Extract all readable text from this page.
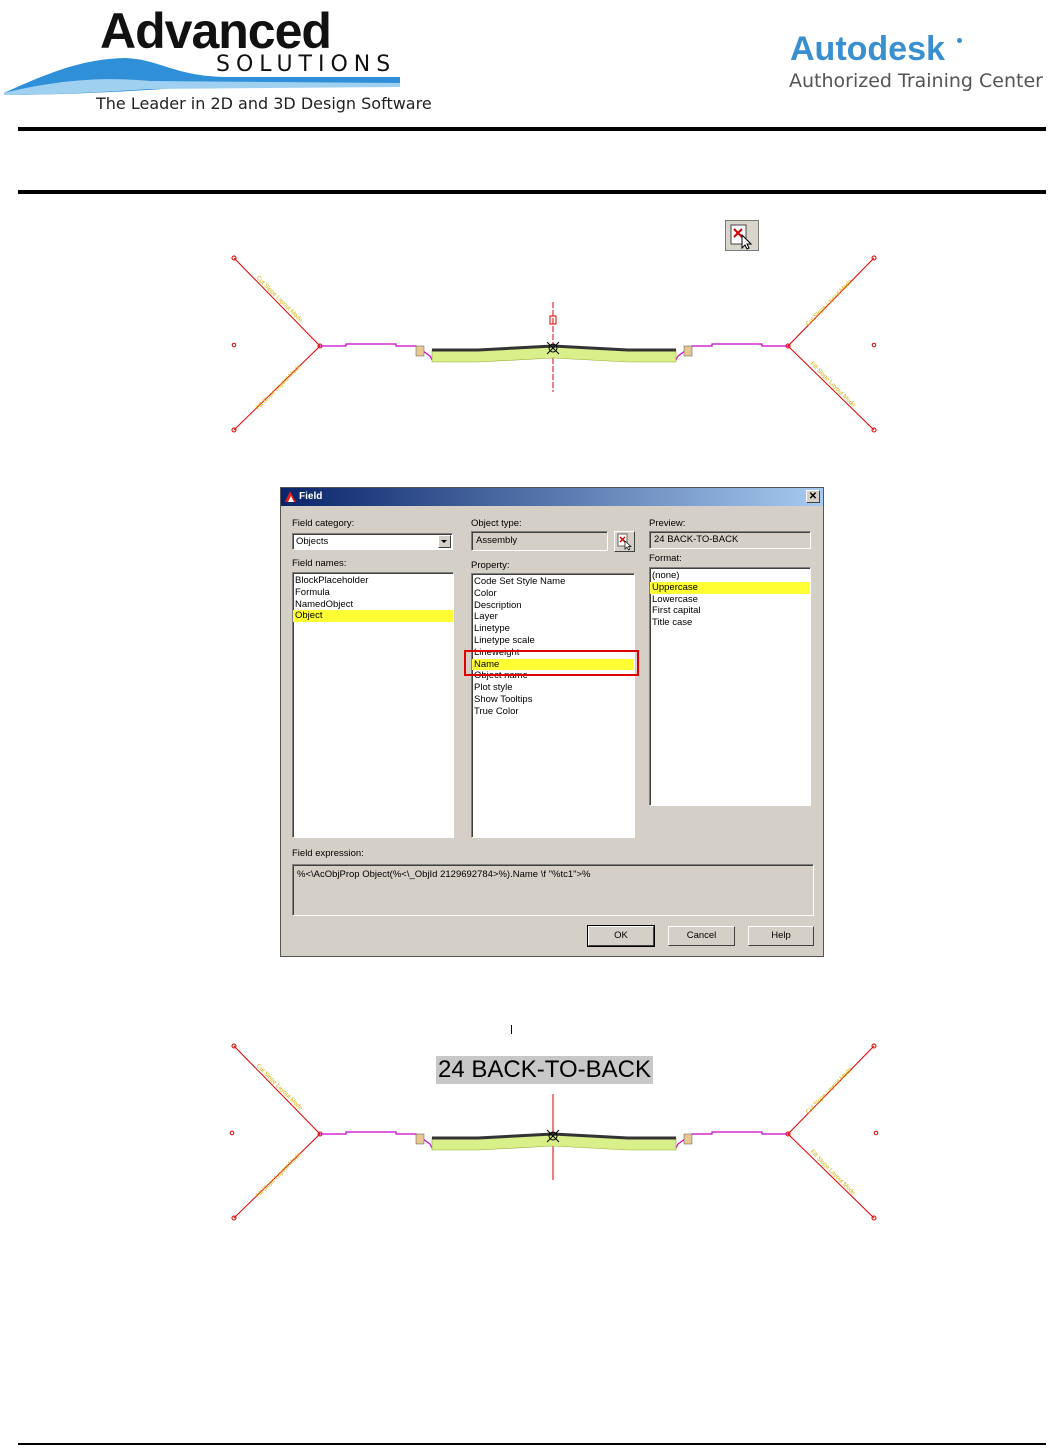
Advanced
SOLUTIONS
The Leader in 2D and 3D Design Software
Autodesk
Authorized Training Center
Cut Slope Layout Mode
Fill Slope Layout Mode
Cut Slope Layout Mode
Fill Slope Layout Mode
Field	✕
Field category:
Objects
Field names:
BlockPlaceholder
Formula
NamedObject
Object
Object type:
Assembly
Property:
Code Set Style Name
Color
Description
Layer
Linetype
Linetype scale
Lineweight
Name
Object name
Plot style
Show Tooltips
True Color
Preview:
24 BACK-TO-BACK
Format:
(none)
Uppercase
Lowercase
First capital
Title case
Field expression:
%<\AcObjProp Object(%<\_ObjId 2129692784>%).Name \f "%tc1">%
OK	Cancel	Help
24 BACK-TO-BACK
Cut Slope Layout Mode
Fill Slope Layout Mode
Cut Slope Layout Mode
Fill Slope Layout Mode
